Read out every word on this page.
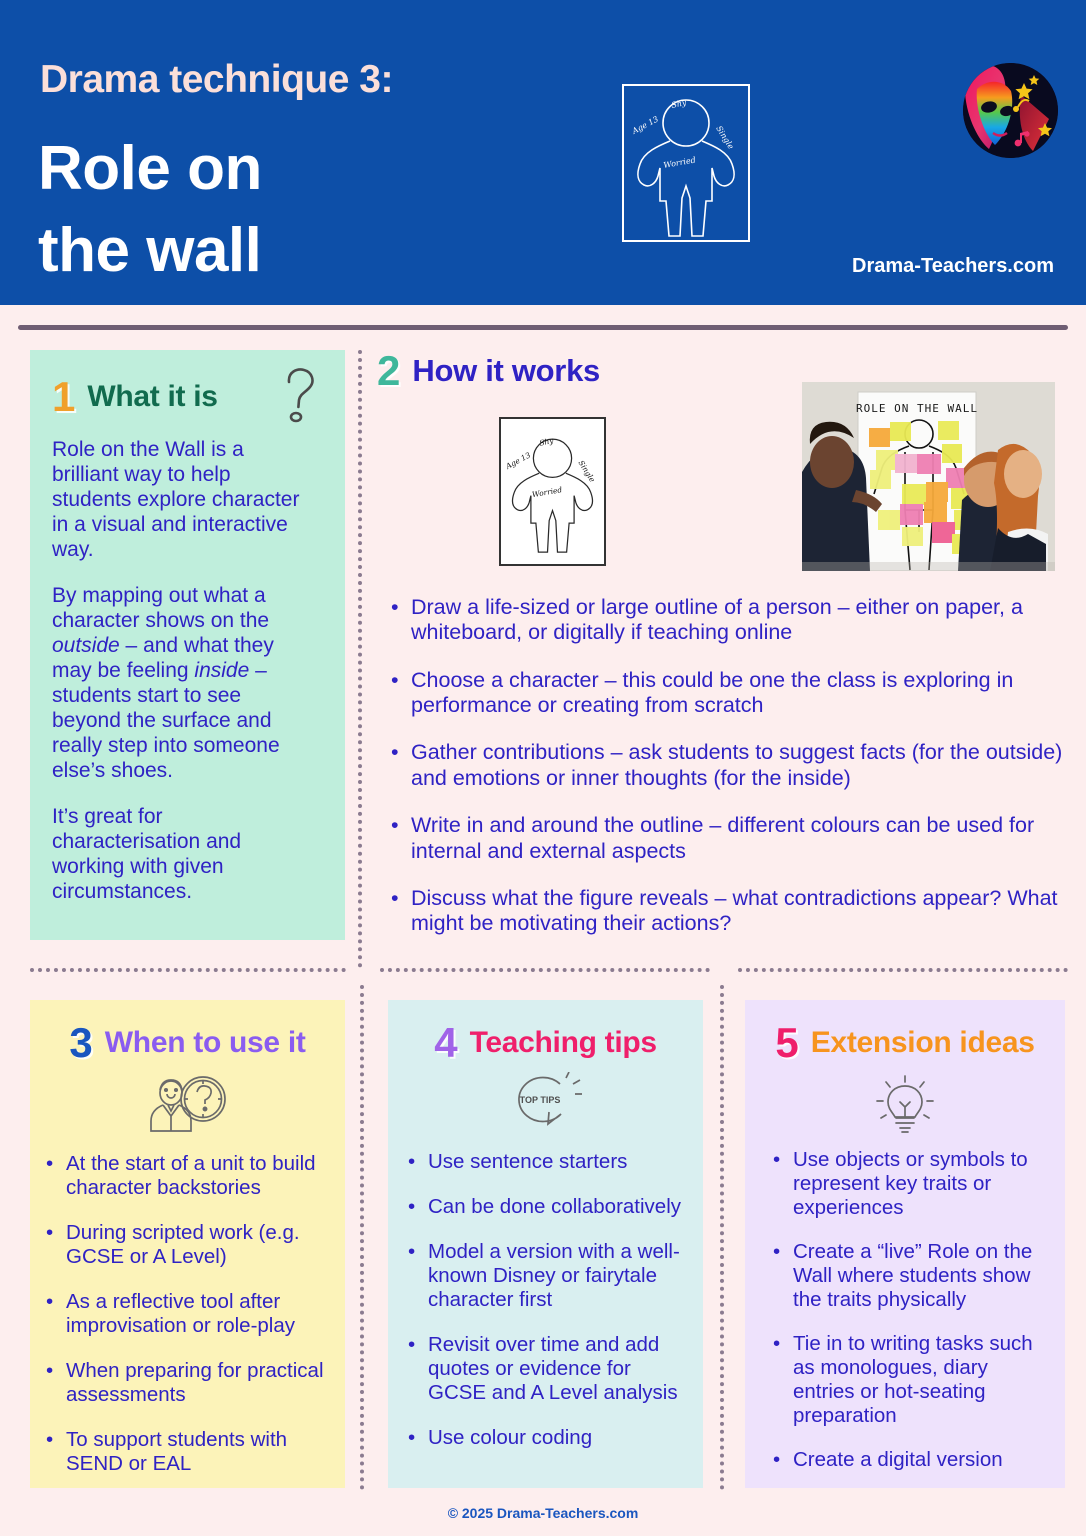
Drama technique 3:
Role on
the wall
Age 13
Shy
Single
Worried
Drama-Teachers.com
1 What it is

Role on the Wall is a brilliant way to help students explore character in a visual and interactive way.

By mapping out what a character shows on the outside – and what they may be feeling inside – students start to see beyond the surface and really step into someone else’s shoes.

It’s great for characterisation and working with given circumstances.

2 How it works
Age 13
Shy
Single
Worried
ROLE ON THE WALL
• Draw a life-sized or large outline of a person – either on paper, a whiteboard, or digitally if teaching online
• Choose a character – this could be one the class is exploring in performance or creating from scratch
• Gather contributions – ask students to suggest facts (for the outside) and emotions or inner thoughts (for the inside)
• Write in and around the outline – different colours can be used for internal and external aspects
• Discuss what the figure reveals – what contradictions appear? What might be motivating their actions?
3 When to use it
• At the start of a unit to build character backstories
• During scripted work (e.g. GCSE or A Level)
• As a reflective tool after improvisation or role-play
• When preparing for practical assessments
• To support students with SEND or EAL
4 Teaching tips
TOP TIPS
• Use sentence starters
• Can be done collaboratively
• Model a version with a well-known Disney or fairytale character first
• Revisit over time and add quotes or evidence for GCSE and A Level analysis
• Use colour coding
5 Extension ideas
• Use objects or symbols to represent key traits or experiences
• Create a “live” Role on the Wall where students show the traits physically
• Tie in to writing tasks such as monologues, diary entries or hot-seating preparation
• Create a digital version
© 2025 Drama-Teachers.com
